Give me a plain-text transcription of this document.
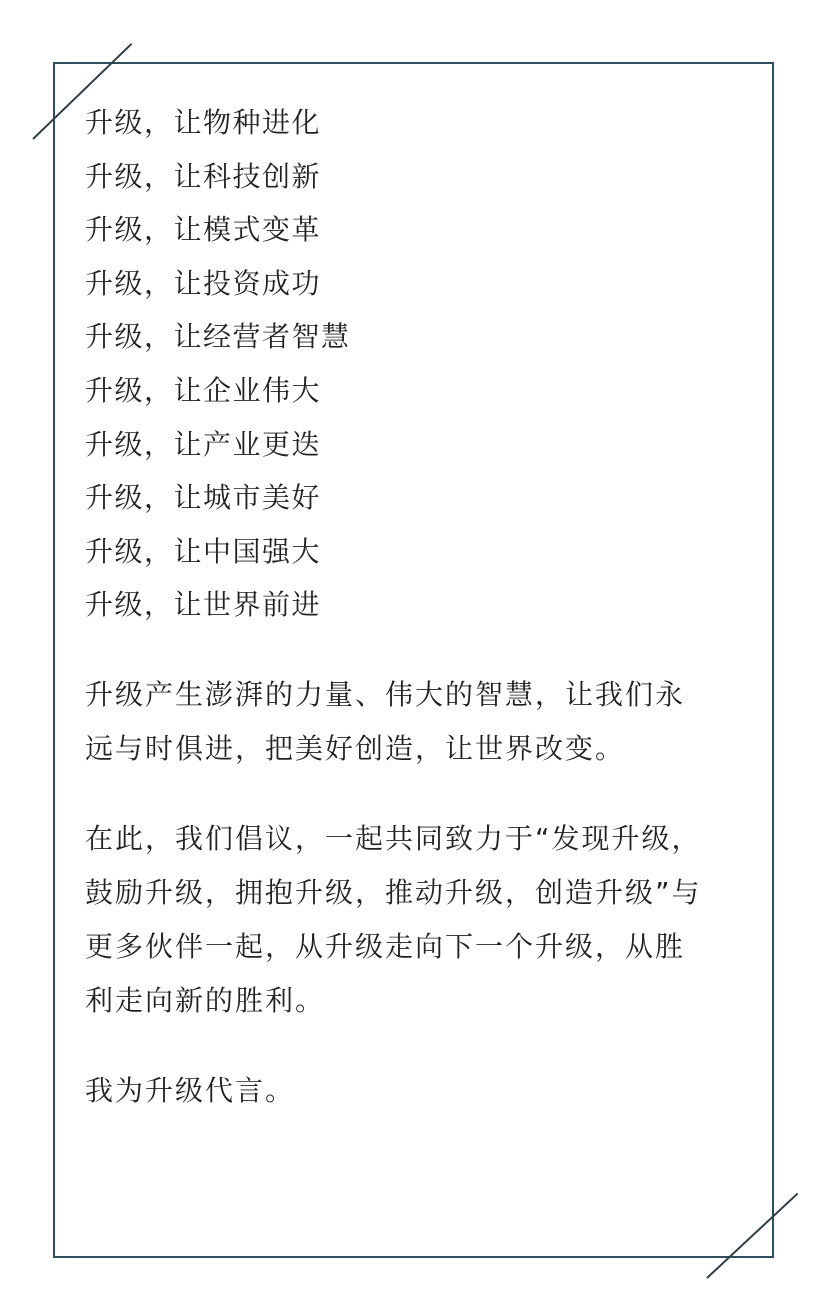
升级，让物种进化
升级，让科技创新
升级，让模式变革
升级，让投资成功
升级，让经营者智慧
升级，让企业伟大
升级，让产业更迭
升级，让城市美好
升级，让中国强大
升级，让世界前进
升级产生澎湃的力量、伟大的智慧，让我们永
远与时俱进，把美好创造，让世界改变。
在此，我们倡议，一起共同致力于“发现升级，
鼓励升级，拥抱升级，推动升级，创造升级”与
更多伙伴一起，从升级走向下一个升级，从胜
利走向新的胜利。
我为升级代言。
